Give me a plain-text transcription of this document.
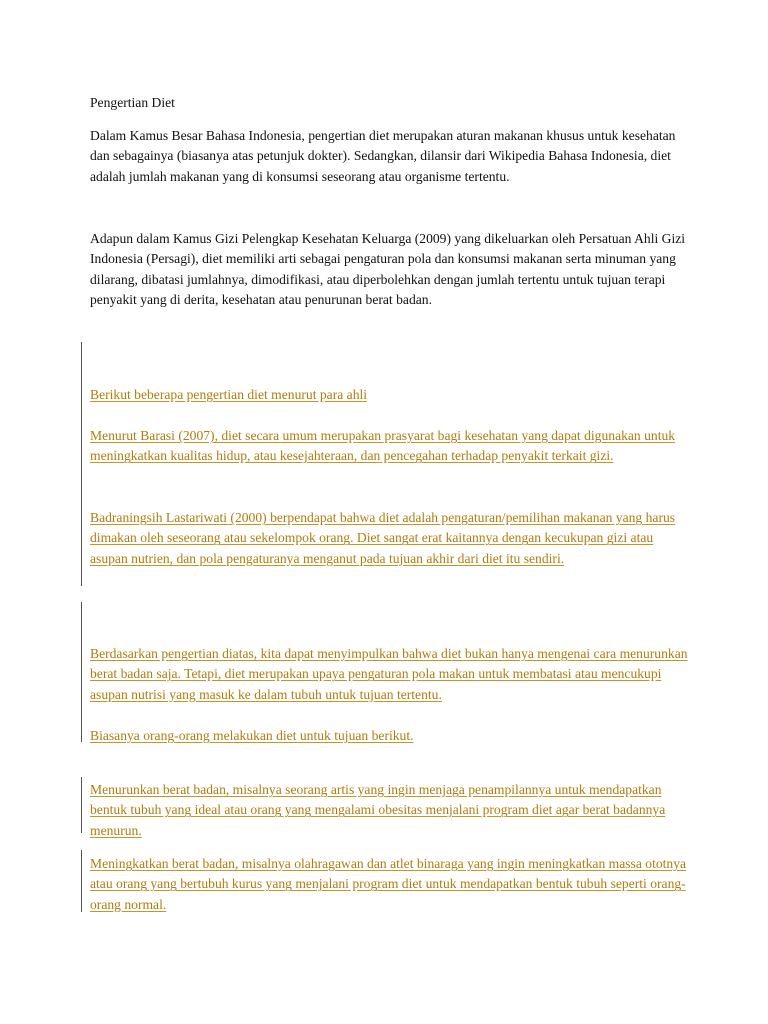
Pengertian Diet

Dalam Kamus Besar Bahasa Indonesia, pengertian diet merupakan aturan makanan khusus untuk kesehatan dan sebagainya (biasanya atas petunjuk dokter). Sedangkan, dilansir dari Wikipedia Bahasa Indonesia, diet adalah jumlah makanan yang di konsumsi seseorang atau organisme tertentu.

Adapun dalam Kamus Gizi Pelengkap Kesehatan Keluarga (2009) yang dikeluarkan oleh Persatuan Ahli Gizi Indonesia (Persagi), diet memiliki arti sebagai pengaturan pola dan konsumsi makanan serta minuman yang dilarang, dibatasi jumlahnya, dimodifikasi, atau diperbolehkan dengan jumlah tertentu untuk tujuan terapi penyakit yang di derita, kesehatan atau penurunan berat badan.

Berikut beberapa pengertian diet menurut para ahli

Menurut Barasi (2007), diet secara umum merupakan prasyarat bagi kesehatan yang dapat digunakan untuk meningkatkan kualitas hidup, atau kesejahteraan, dan pencegahan terhadap penyakit terkait gizi.

Badraningsih Lastariwati (2000) berpendapat bahwa diet adalah pengaturan/pemilihan makanan yang harus dimakan oleh seseorang atau sekelompok orang. Diet sangat erat kaitannya dengan kecukupan gizi atau asupan nutrien, dan pola pengaturanya menganut pada tujuan akhir dari diet itu sendiri.

Berdasarkan pengertian diatas, kita dapat menyimpulkan bahwa diet bukan hanya mengenai cara menurunkan berat badan saja. Tetapi, diet merupakan upaya pengaturan pola makan untuk membatasi atau mencukupi asupan nutrisi yang masuk ke dalam tubuh untuk tujuan tertentu.

Biasanya orang-orang melakukan diet untuk tujuan berikut.

Menurunkan berat badan, misalnya seorang artis yang ingin menjaga penampilannya untuk mendapatkan bentuk tubuh yang ideal atau orang yang mengalami obesitas menjalani program diet agar berat badannya menurun.

Meningkatkan berat badan, misalnya olahragawan dan atlet binaraga yang ingin meningkatkan massa ototnya atau orang yang bertubuh kurus yang menjalani program diet untuk mendapatkan bentuk tubuh seperti orang-orang normal.
